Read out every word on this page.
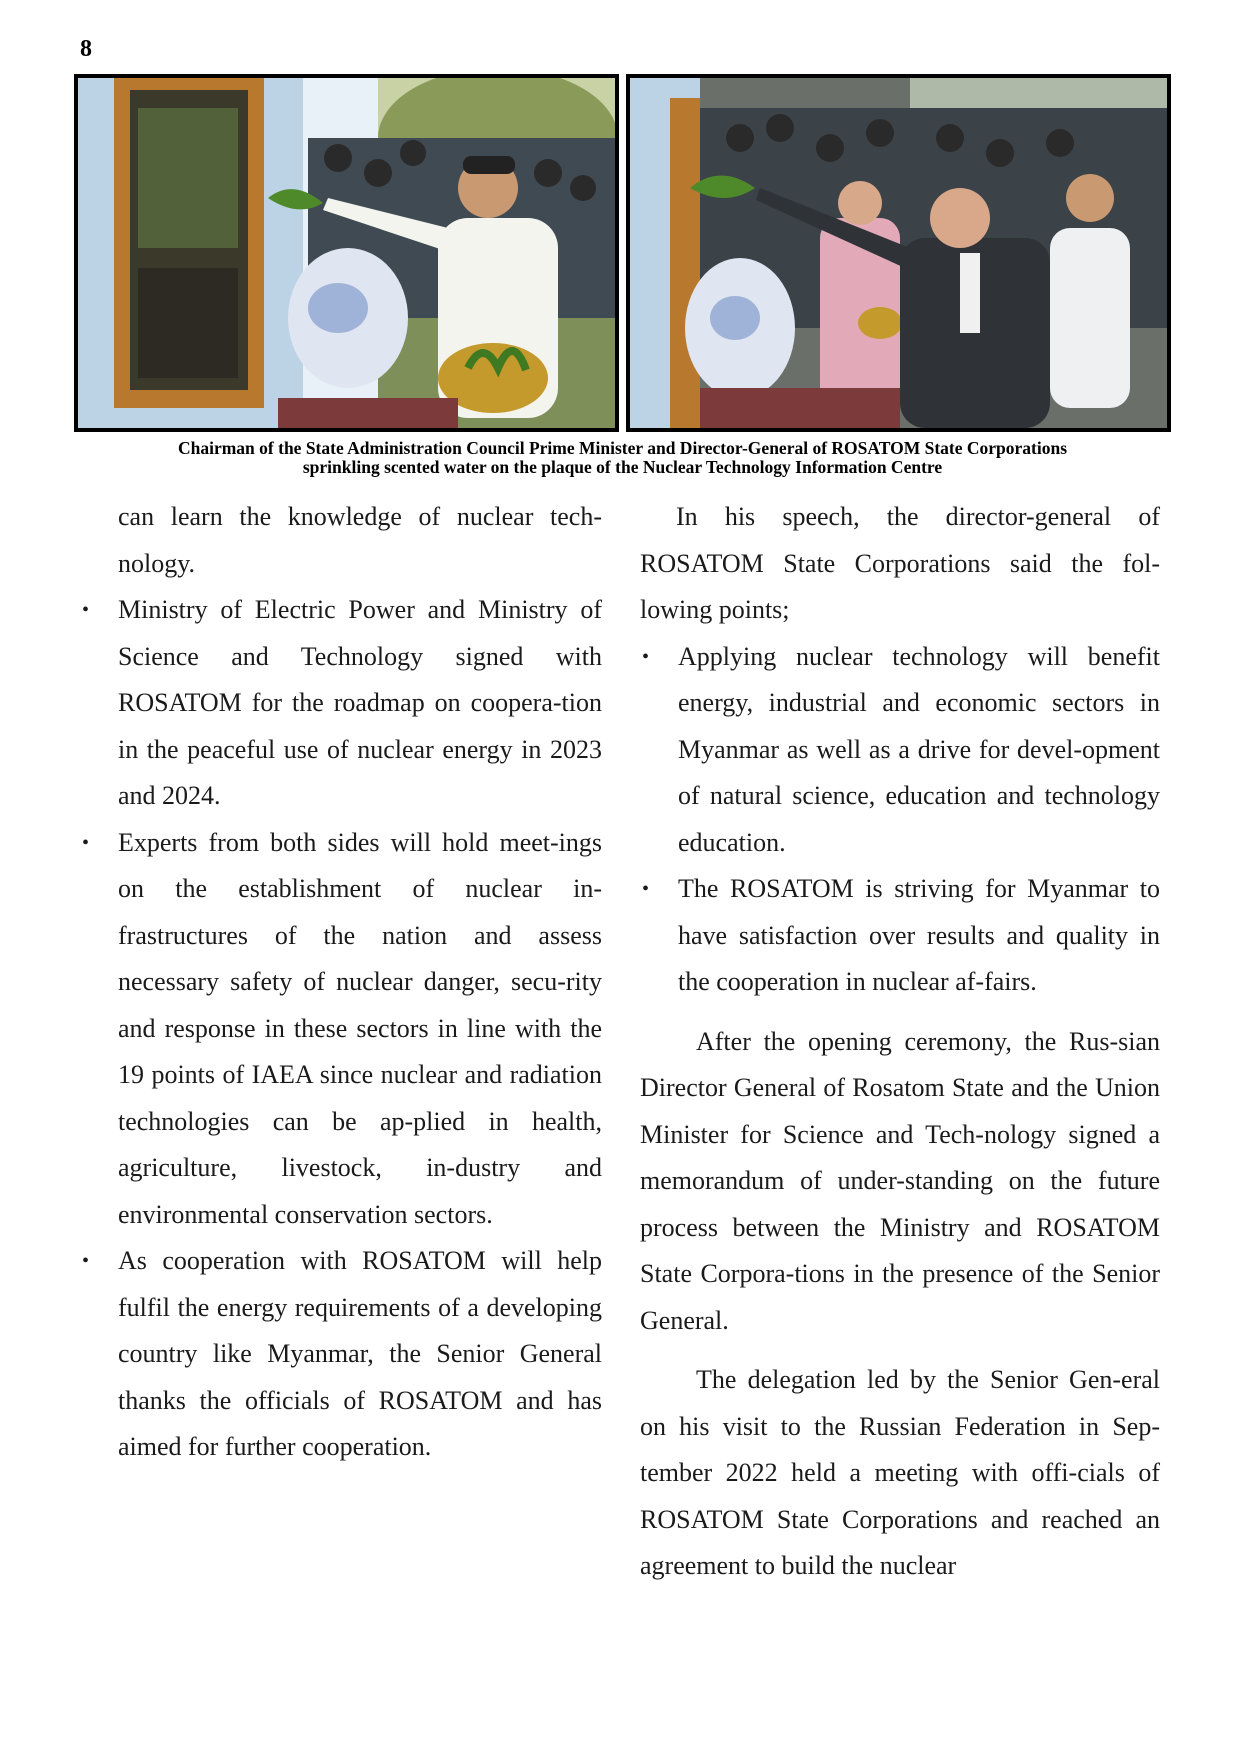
8
Chairman of the State Administration Council Prime Minister and Director-General of ROSATOM State Corporations
sprinkling scented water on the plaque of the Nuclear Technology Information Centre

can learn the knowledge of nuclear tech-nology.

• Ministry of Electric Power and Ministry of Science and Technology signed with ROSATOM for the roadmap on coopera-tion in the peaceful use of nuclear energy in 2023 and 2024.

• Experts from both sides will hold meet-ings on the establishment of nuclear in-frastructures of the nation and assess necessary safety of nuclear danger, secu-rity and response in these sectors in line with the 19 points of IAEA since nuclear and radiation technologies can be ap-plied in health, agriculture, livestock, in-dustry and environmental conservation sectors.

• As cooperation with ROSATOM will help fulfil the energy requirements of a developing country like Myanmar, the Senior General thanks the officials of ROSATOM and has aimed for further cooperation.

In his speech, the director-general of ROSATOM State Corporations said the fol-lowing points;

• Applying nuclear technology will benefit energy, industrial and economic sectors in Myanmar as well as a drive for devel-opment of natural science, education and technology education.

• The ROSATOM is striving for Myanmar to have satisfaction over results and quality in the cooperation in nuclear af-fairs.

After the opening ceremony, the Rus-sian Director General of Rosatom State and the Union Minister for Science and Tech-nology signed a memorandum of under-standing on the future process between the Ministry and ROSATOM State Corpora-tions in the presence of the Senior General.

The delegation led by the Senior Gen-eral on his visit to the Russian Federation in Sep-tember 2022 held a meeting with offi-cials of ROSATOM State Corporations and reached an agreement to build the nuclear
